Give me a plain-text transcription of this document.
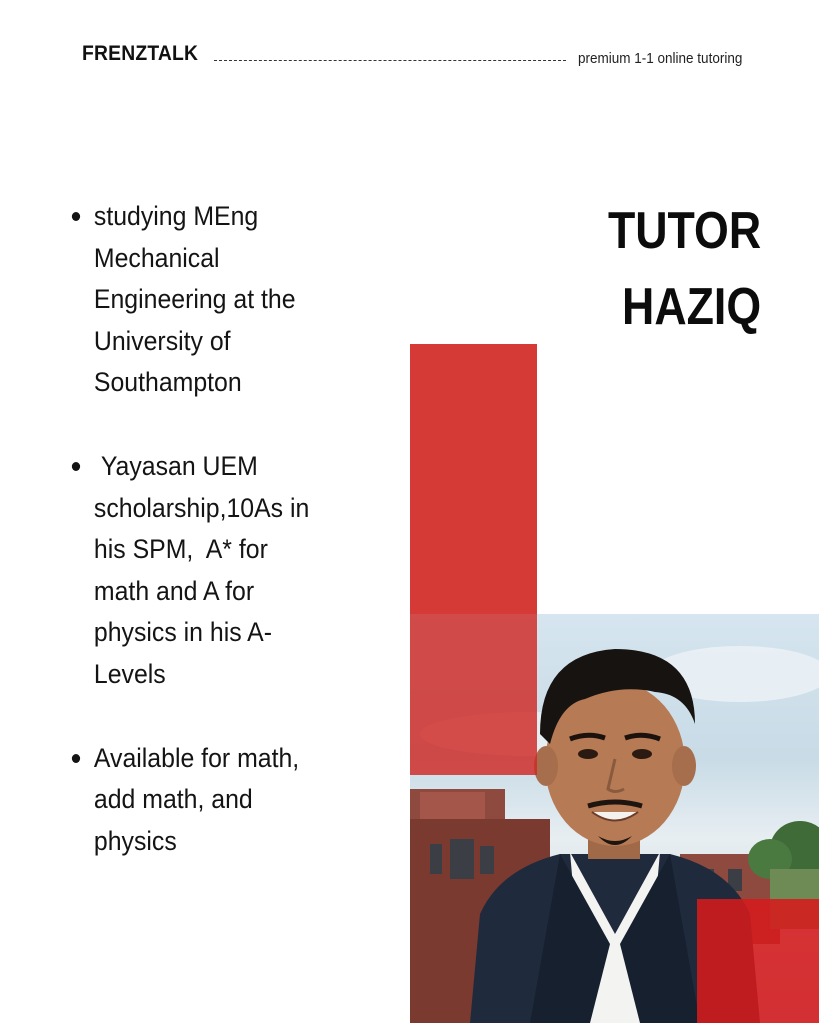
FRENZTALK	premium 1-1 online tutoring
studying MEng Mechanical Engineering at the University of Southampton
Yayasan UEM scholarship,10As in his SPM,  A* for math and A for physics in his A-Levels
Available for math, add math, and physics
TUTOR
HAZIQ
